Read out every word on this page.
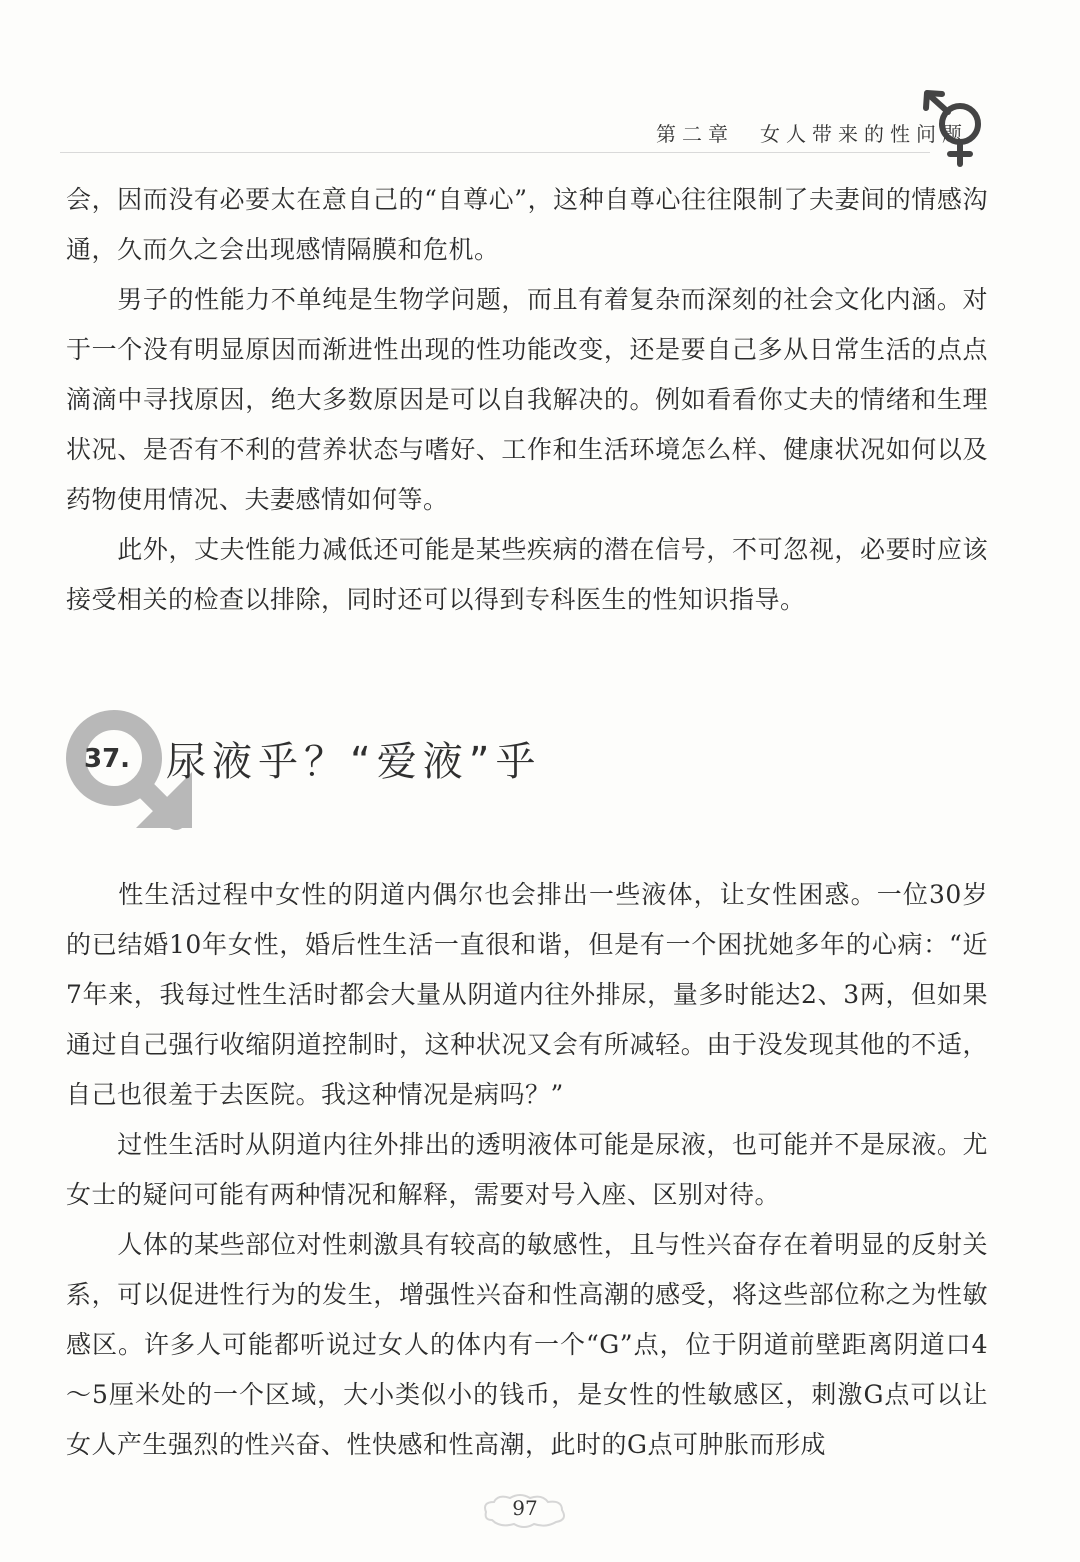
第二章　女人带来的性问题

会，因而没有必要太在意自己的“自尊心”，这种自尊心往往限制了夫妻间的情感沟通，久而久之会出现感情隔膜和危机。

　　男子的性能力不单纯是生物学问题，而且有着复杂而深刻的社会文化内涵。对于一个没有明显原因而渐进性出现的性功能改变，还是要自己多从日常生活的点点滴滴中寻找原因，绝大多数原因是可以自我解决的。例如看看你丈夫的情绪和生理状况、是否有不利的营养状态与嗜好、工作和生活环境怎么样、健康状况如何以及药物使用情况、夫妻感情如何等。

　　此外，丈夫性能力减低还可能是某些疾病的潜在信号，不可忽视，必要时应该接受相关的检查以排除，同时还可以得到专科医生的性知识指导。

37. 尿液乎？“爱液”乎

　　性生活过程中女性的阴道内偶尔也会排出一些液体，让女性困惑。一位30岁的已结婚10年女性，婚后性生活一直很和谐，但是有一个困扰她多年的心病：“近7年来，我每过性生活时都会大量从阴道内往外排尿，量多时能达2、3两，但如果通过自己强行收缩阴道控制时，这种状况又会有所减轻。由于没发现其他的不适，自己也很羞于去医院。我这种情况是病吗？”

　　过性生活时从阴道内往外排出的透明液体可能是尿液，也可能并不是尿液。尤女士的疑问可能有两种情况和解释，需要对号入座、区别对待。

　　人体的某些部位对性刺激具有较高的敏感性，且与性兴奋存在着明显的反射关系，可以促进性行为的发生，增强性兴奋和性高潮的感受，将这些部位称之为性敏感区。许多人可能都听说过女人的体内有一个“G”点，位于阴道前壁距离阴道口4～5厘米处的一个区域，大小类似小的钱币，是女性的性敏感区，刺激G点可以让女人产生强烈的性兴奋、性快感和性高潮，此时的G点可肿胀而形成

97
